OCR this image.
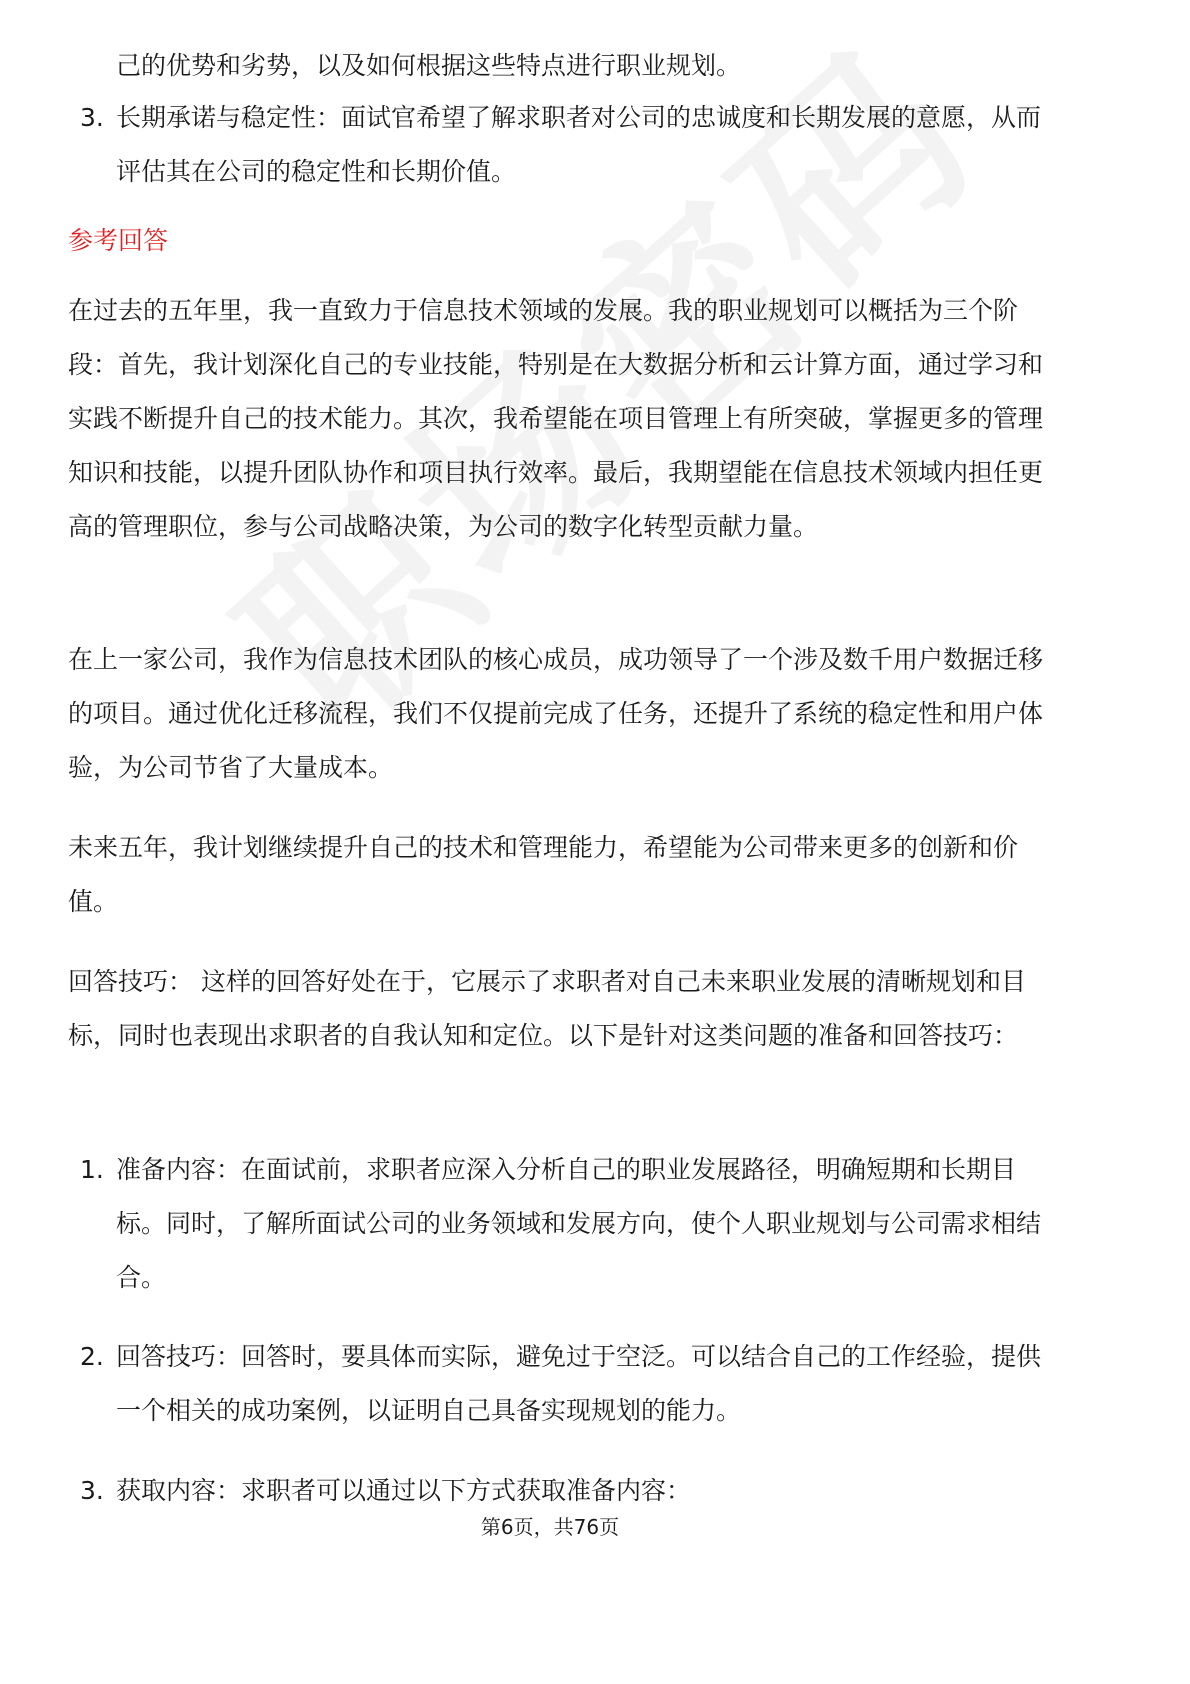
己的优势和劣势，以及如何根据这些特点进行职业规划。
3. 长期承诺与稳定性：面试官希望了解求职者对公司的忠诚度和长期发展的意愿，从而评估其在公司的稳定性和长期价值。
参考回答
在过去的五年里，我一直致力于信息技术领域的发展。我的职业规划可以概括为三个阶段：首先，我计划深化自己的专业技能，特别是在大数据分析和云计算方面，通过学习和实践不断提升自己的技术能力。其次，我希望能在项目管理上有所突破，掌握更多的管理知识和技能，以提升团队协作和项目执行效率。最后，我期望能在信息技术领域内担任更高的管理职位，参与公司战略决策，为公司的数字化转型贡献力量。
在上一家公司，我作为信息技术团队的核心成员，成功领导了一个涉及数千用户数据迁移的项目。通过优化迁移流程，我们不仅提前完成了任务，还提升了系统的稳定性和用户体验，为公司节省了大量成本。
未来五年，我计划继续提升自己的技术和管理能力，希望能为公司带来更多的创新和价值。
回答技巧： 这样的回答好处在于，它展示了求职者对自己未来职业发展的清晰规划和目标，同时也表现出求职者的自我认知和定位。以下是针对这类问题的准备和回答技巧：
1. 准备内容：在面试前，求职者应深入分析自己的职业发展路径，明确短期和长期目标。同时，了解所面试公司的业务领域和发展方向，使个人职业规划与公司需求相结合。
2. 回答技巧：回答时，要具体而实际，避免过于空泛。可以结合自己的工作经验，提供一个相关的成功案例，以证明自己具备实现规划的能力。
3. 获取内容：求职者可以通过以下方式获取准备内容：
第6页，共76页
